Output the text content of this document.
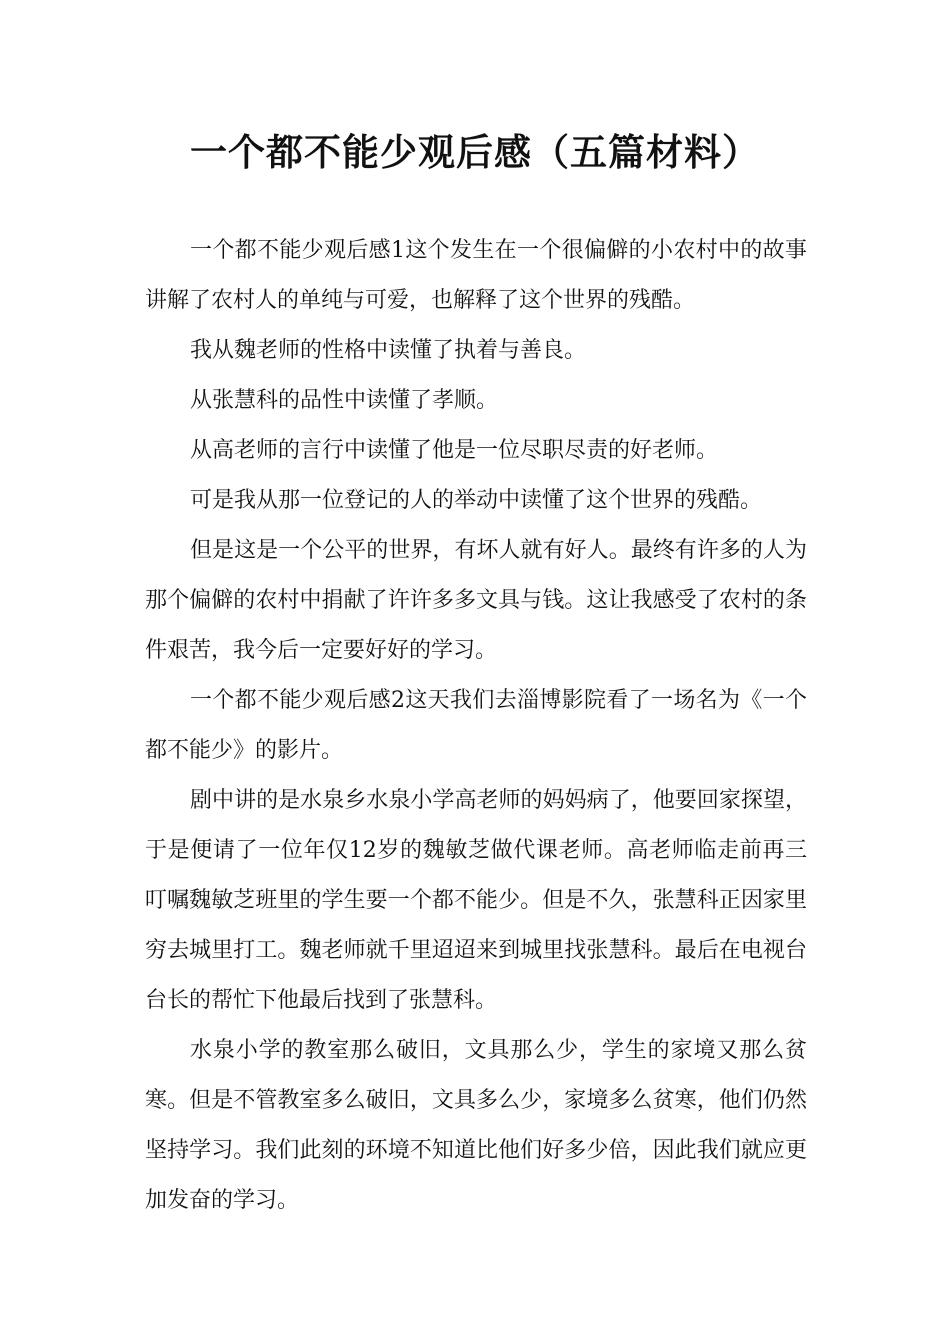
一个都不能少观后感（五篇材料）

一个都不能少观后感1这个发生在一个很偏僻的小农村中的故事讲解了农村人的单纯与可爱，也解释了这个世界的残酷。

我从魏老师的性格中读懂了执着与善良。

从张慧科的品性中读懂了孝顺。

从高老师的言行中读懂了他是一位尽职尽责的好老师。

可是我从那一位登记的人的举动中读懂了这个世界的残酷。

但是这是一个公平的世界，有坏人就有好人。最终有许多的人为那个偏僻的农村中捐献了许许多多文具与钱。这让我感受了农村的条件艰苦，我今后一定要好好的学习。

一个都不能少观后感2这天我们去淄博影院看了一场名为《一个都不能少》的影片。

剧中讲的是水泉乡水泉小学高老师的妈妈病了，他要回家探望，于是便请了一位年仅12岁的魏敏芝做代课老师。高老师临走前再三叮嘱魏敏芝班里的学生要一个都不能少。但是不久，张慧科正因家里穷去城里打工。魏老师就千里迢迢来到城里找张慧科。最后在电视台台长的帮忙下他最后找到了张慧科。

水泉小学的教室那么破旧，文具那么少，学生的家境又那么贫寒。但是不管教室多么破旧，文具多么少，家境多么贫寒，他们仍然坚持学习。我们此刻的环境不知道比他们好多少倍，因此我们就应更加发奋的学习。
